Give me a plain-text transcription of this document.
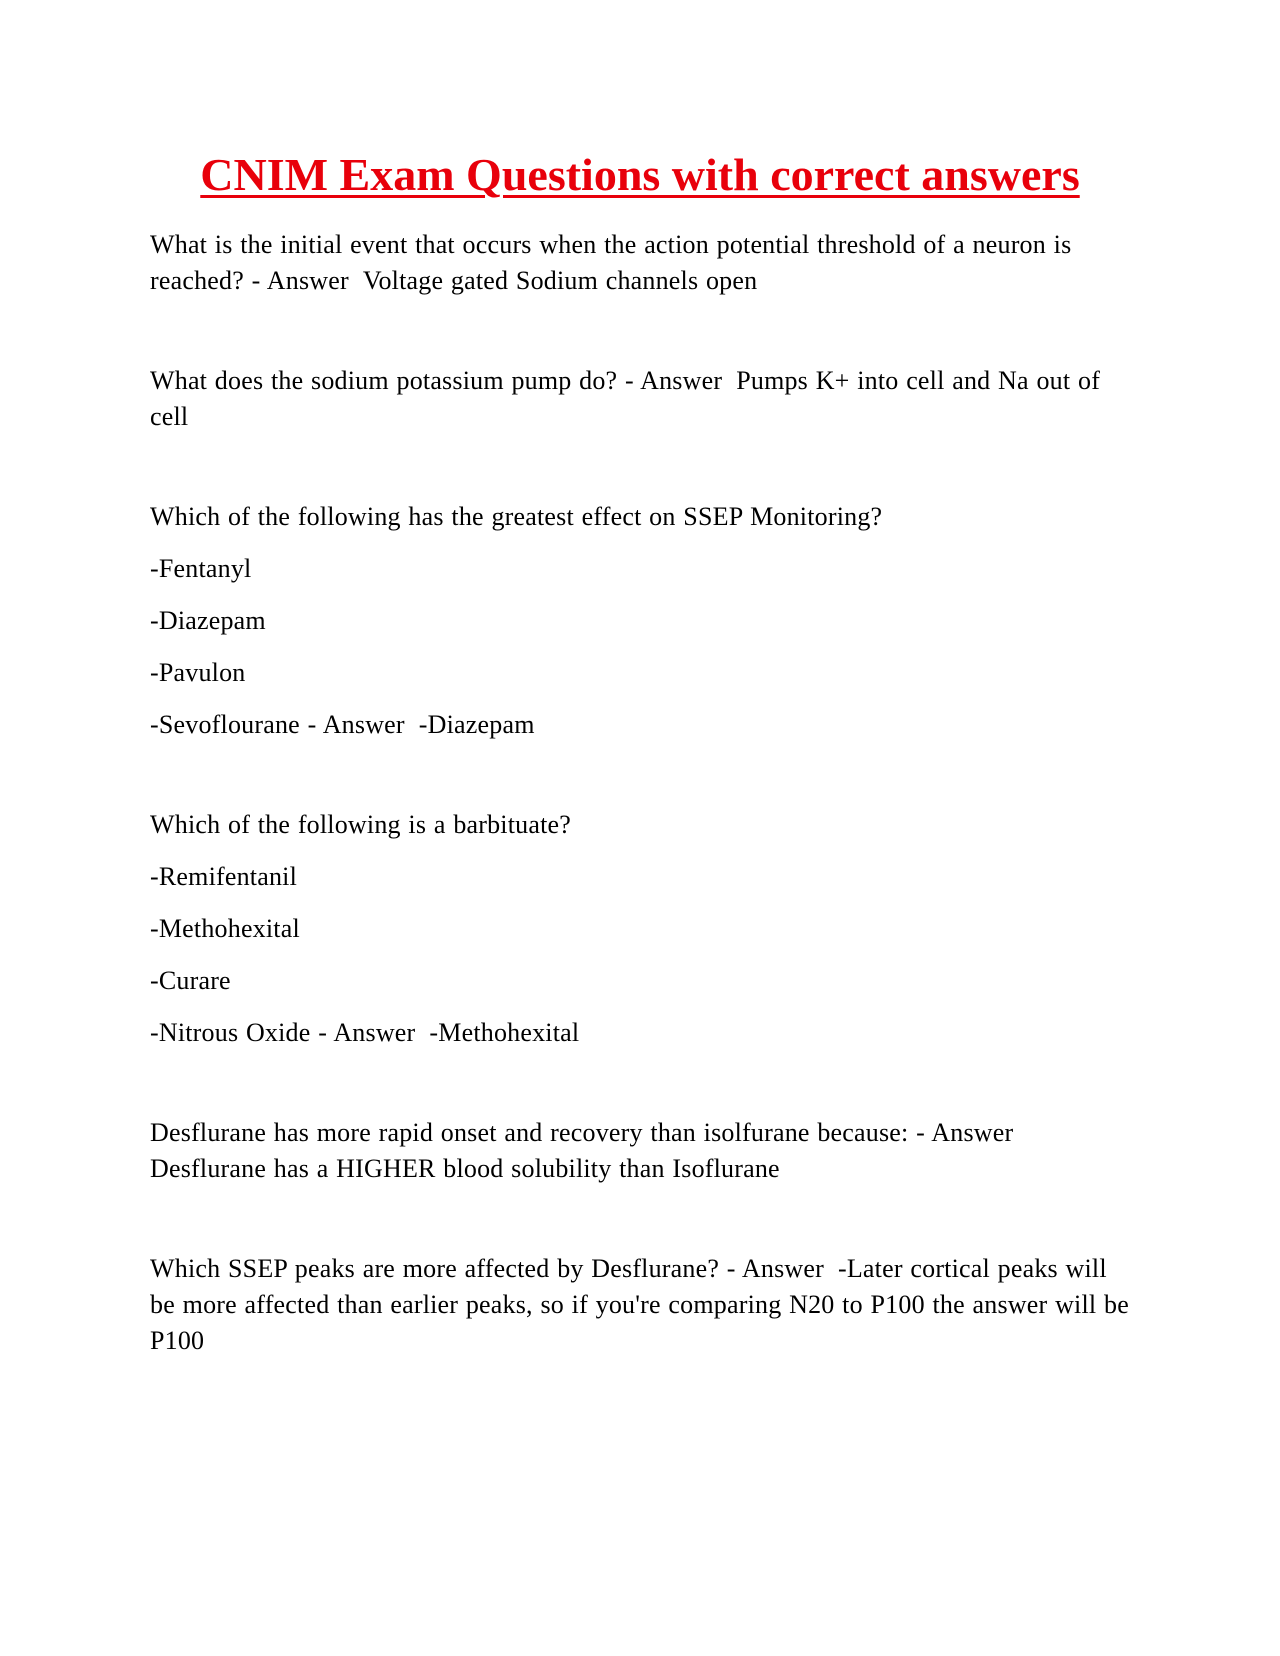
CNIM Exam Questions with correct answers

What is the initial event that occurs when the action potential threshold of a neuron is reached? - Answer Voltage gated Sodium channels open

What does the sodium potassium pump do? - Answer Pumps K+ into cell and Na out of cell

Which of the following has the greatest effect on SSEP Monitoring?

-Fentanyl

-Diazepam

-Pavulon

-Sevoflourane - Answer -Diazepam

Which of the following is a barbituate?

-Remifentanil

-Methohexital

-Curare

-Nitrous Oxide - Answer -Methohexital

Desflurane has more rapid onset and recovery than isolfurane because: - Answer Desflurane has a HIGHER blood solubility than Isoflurane

Which SSEP peaks are more affected by Desflurane? - Answer -Later cortical peaks will be more affected than earlier peaks, so if you're comparing N20 to P100 the answer will be P100
